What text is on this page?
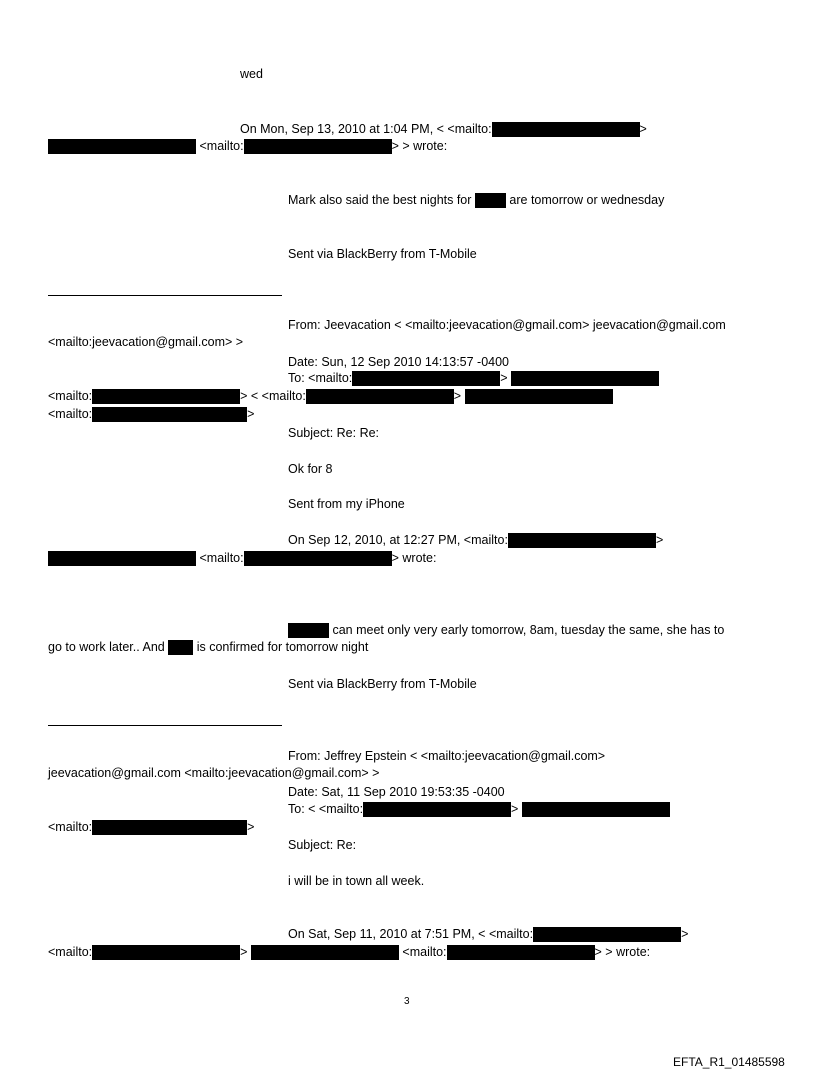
wed
On Mon, Sep 13, 2010 at 1:04 PM, < <mailto:	>
<mailto:	> > wrote:
Mark also said the best nights for	are tomorrow or wednesday
Sent via BlackBerry from T-Mobile
From: Jeevacation < <mailto:jeevacation@gmail.com> jeevacation@gmail.com
<mailto:jeevacation@gmail.com> >
Date: Sun, 12 Sep 2010 14:13:57 -0400
To: <mailto:	>
<mailto:	> < <mailto:	>
<mailto:	>
Subject: Re: Re:
Ok for 8
Sent from my iPhone
On Sep 12, 2010, at 12:27 PM, <mailto:	>
<mailto:	> wrote:
can meet only very early tomorrow, 8am, tuesday the same, she has to
go to work later.. And	is confirmed for tomorrow night
Sent via BlackBerry from T-Mobile
From: Jeffrey Epstein < <mailto:jeevacation@gmail.com>
jeevacation@gmail.com <mailto:jeevacation@gmail.com> >
Date: Sat, 11 Sep 2010 19:53:35 -0400
To: < <mailto:	>
<mailto:	>
Subject: Re:
i will be in town all week.
On Sat, Sep 11, 2010 at 7:51 PM, < <mailto:	>
<mailto:	>	<mailto:	> > wrote:
3
EFTA_R1_01485598
